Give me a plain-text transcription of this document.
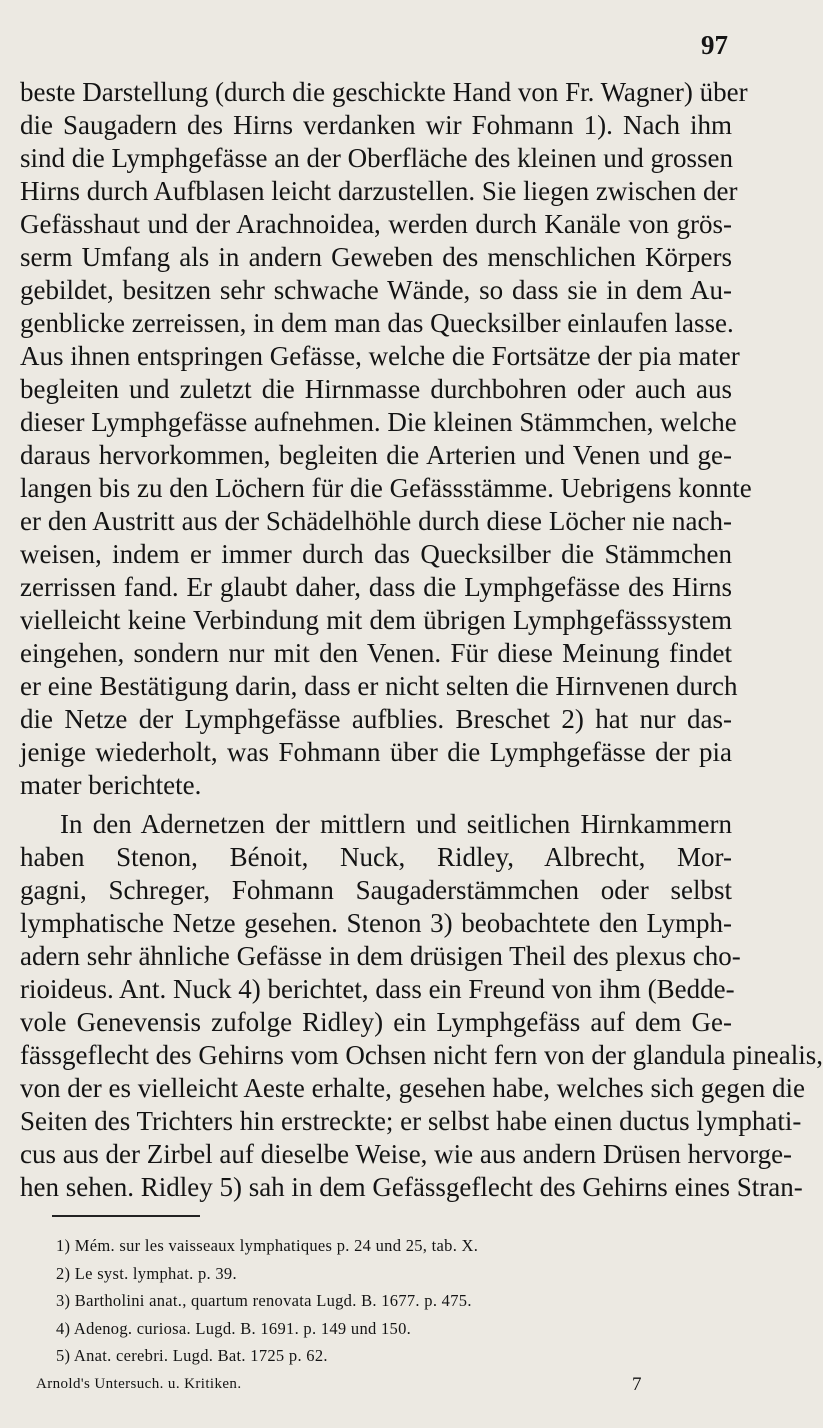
97
beste Darstellung (durch die geschickte Hand von Fr. Wagner) über
die Saugadern des Hirns verdanken wir Fohmann 1). Nach ihm
sind die Lymphgefässe an der Oberfläche des kleinen und grossen
Hirns durch Aufblasen leicht darzustellen. Sie liegen zwischen der
Gefässhaut und der Arachnoidea, werden durch Kanäle von grös-
serm Umfang als in andern Geweben des menschlichen Körpers
gebildet, besitzen sehr schwache Wände, so dass sie in dem Au-
genblicke zerreissen, in dem man das Quecksilber einlaufen lasse.
Aus ihnen entspringen Gefässe, welche die Fortsätze der pia mater
begleiten und zuletzt die Hirnmasse durchbohren oder auch aus
dieser Lymphgefässe aufnehmen. Die kleinen Stämmchen, welche
daraus hervorkommen, begleiten die Arterien und Venen und ge-
langen bis zu den Löchern für die Gefässstämme. Uebrigens konnte
er den Austritt aus der Schädelhöhle durch diese Löcher nie nach-
weisen, indem er immer durch das Quecksilber die Stämmchen
zerrissen fand. Er glaubt daher, dass die Lymphgefässe des Hirns
vielleicht keine Verbindung mit dem übrigen Lymphgefässsystem
eingehen, sondern nur mit den Venen. Für diese Meinung findet
er eine Bestätigung darin, dass er nicht selten die Hirnvenen durch
die Netze der Lymphgefässe aufblies. Breschet 2) hat nur das-
jenige wiederholt, was Fohmann über die Lymphgefässe der pia
mater berichtete.
In den Adernetzen der mittlern und seitlichen Hirnkammern
haben Stenon, Bénoit, Nuck, Ridley, Albrecht, Mor-
gagni, Schreger, Fohmann Saugaderstämmchen oder selbst
lymphatische Netze gesehen. Stenon 3) beobachtete den Lymph-
adern sehr ähnliche Gefässe in dem drüsigen Theil des plexus cho-
rioideus. Ant. Nuck 4) berichtet, dass ein Freund von ihm (Bedde-
vole Genevensis zufolge Ridley) ein Lymphgefäss auf dem Ge-
fässgeflecht des Gehirns vom Ochsen nicht fern von der glandula pinealis,
von der es vielleicht Aeste erhalte, gesehen habe, welches sich gegen die
Seiten des Trichters hin erstreckte; er selbst habe einen ductus lymphati-
cus aus der Zirbel auf dieselbe Weise, wie aus andern Drüsen hervorge-
hen sehen. Ridley 5) sah in dem Gefässgeflecht des Gehirns eines Stran-
1) Mém. sur les vaisseaux lymphatiques p. 24 und 25, tab. X.
2) Le syst. lymphat. p. 39.
3) Bartholini anat., quartum renovata Lugd. B. 1677. p. 475.
4) Adenog. curiosa. Lugd. B. 1691. p. 149 und 150.
5) Anat. cerebri. Lugd. Bat. 1725 p. 62.
Arnold's Untersuch. u. Kritiken.	7
